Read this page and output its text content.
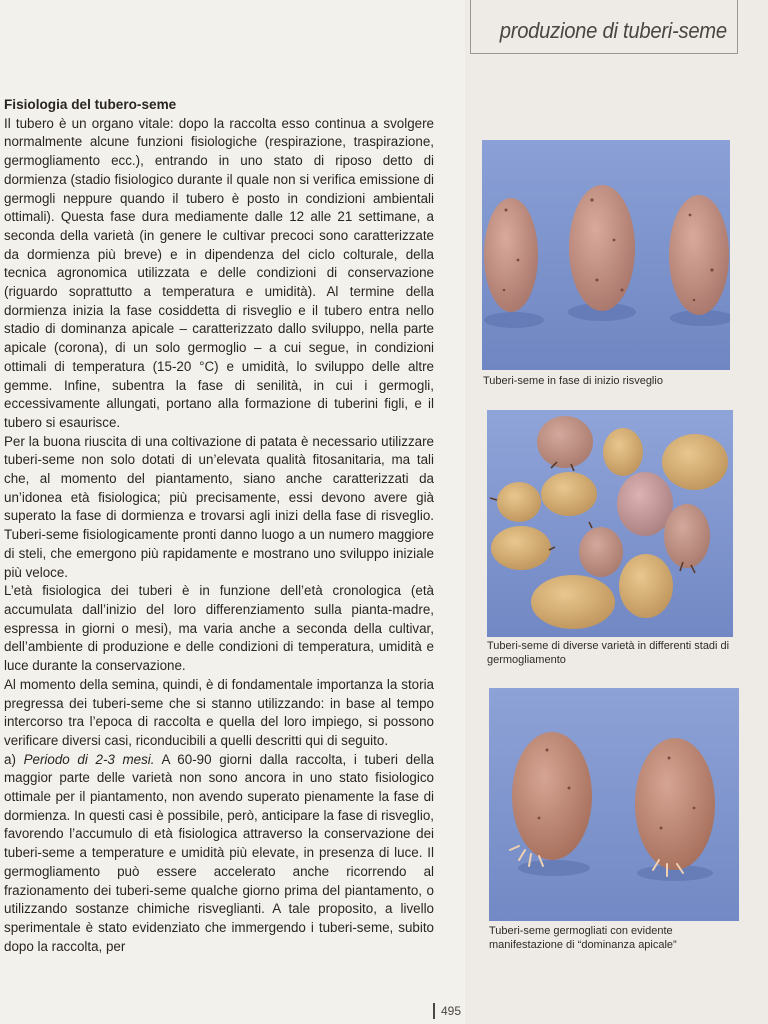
produzione di tuberi-seme
Fisiologia del tubero-seme

Il tubero è un organo vitale: dopo la raccolta esso continua a svolgere normalmente alcune funzioni fisiologiche (respirazione, traspirazione, germogliamento ecc.), entrando in uno stato di riposo detto di dormienza (stadio fisiologico durante il quale non si verifica emissione di germogli neppure quando il tubero è posto in condizioni ambientali ottimali). Questa fase dura mediamente dalle 12 alle 21 settimane, a seconda della varietà (in genere le cultivar precoci sono caratterizzate da dormienza più breve) e in dipendenza del ciclo colturale, della tecnica agronomica utilizzata e delle condizioni di conservazione (riguardo soprattutto a temperatura e umidità). Al termine della dormienza inizia la fase cosiddetta di risveglio e il tubero entra nello stadio di dominanza apicale – caratterizzato dallo sviluppo, nella parte apicale (corona), di un solo germoglio – a cui segue, in condizioni ottimali di temperatura (15-20 °C) e umidità, lo sviluppo delle altre gemme. Infine, subentra la fase di senilità, in cui i germogli, eccessivamente allungati, portano alla formazione di tuberini figli, e il tubero si esaurisce.

Per la buona riuscita di una coltivazione di patata è necessario utilizzare tuberi-seme non solo dotati di un’elevata qualità fitosanitaria, ma tali che, al momento del piantamento, siano anche caratterizzati da un’idonea età fisiologica; più precisamente, essi devono avere già superato la fase di dormienza e trovarsi agli inizi della fase di risveglio. Tuberi-seme fisiologicamente pronti danno luogo a un numero maggiore di steli, che emergono più rapidamente e mostrano uno sviluppo iniziale più veloce.

L’età fisiologica dei tuberi è in funzione dell’età cronologica (età accumulata dall’inizio del loro differenziamento sulla pianta-madre, espressa in giorni o mesi), ma varia anche a seconda della cultivar, dell’ambiente di produzione e delle condizioni di temperatura, umidità e luce durante la conservazione.

Al momento della semina, quindi, è di fondamentale importanza la storia pregressa dei tuberi-seme che si stanno utilizzando: in base al tempo intercorso tra l’epoca di raccolta e quella del loro impiego, si possono verificare diversi casi, riconducibili a quelli descritti qui di seguito.

a) Periodo di 2-3 mesi. A 60-90 giorni dalla raccolta, i tuberi della maggior parte delle varietà non sono ancora in uno stato fisiologico ottimale per il piantamento, non avendo superato pienamente la fase di dormienza. In questi casi è possibile, però, anticipare la fase di risveglio, favorendo l’accumulo di età fisiologica attraverso la conservazione dei tuberi-seme a temperature e umidità più elevate, in presenza di luce. Il germogliamento può essere accelerato anche ricorrendo al frazionamento dei tuberi-seme qualche giorno prima del piantamento, o utilizzando sostanze chimiche risveglianti. A tale proposito, a livello sperimentale è stato evidenziato che immergendo i tuberi-seme, subito dopo la raccolta, per

Tuberi-seme in fase di inizio risveglio
Tuberi-seme di diverse varietà in differenti stadi di germogliamento
Tuberi-seme germogliati con evidente manifestazione di “dominanza apicale”
495
